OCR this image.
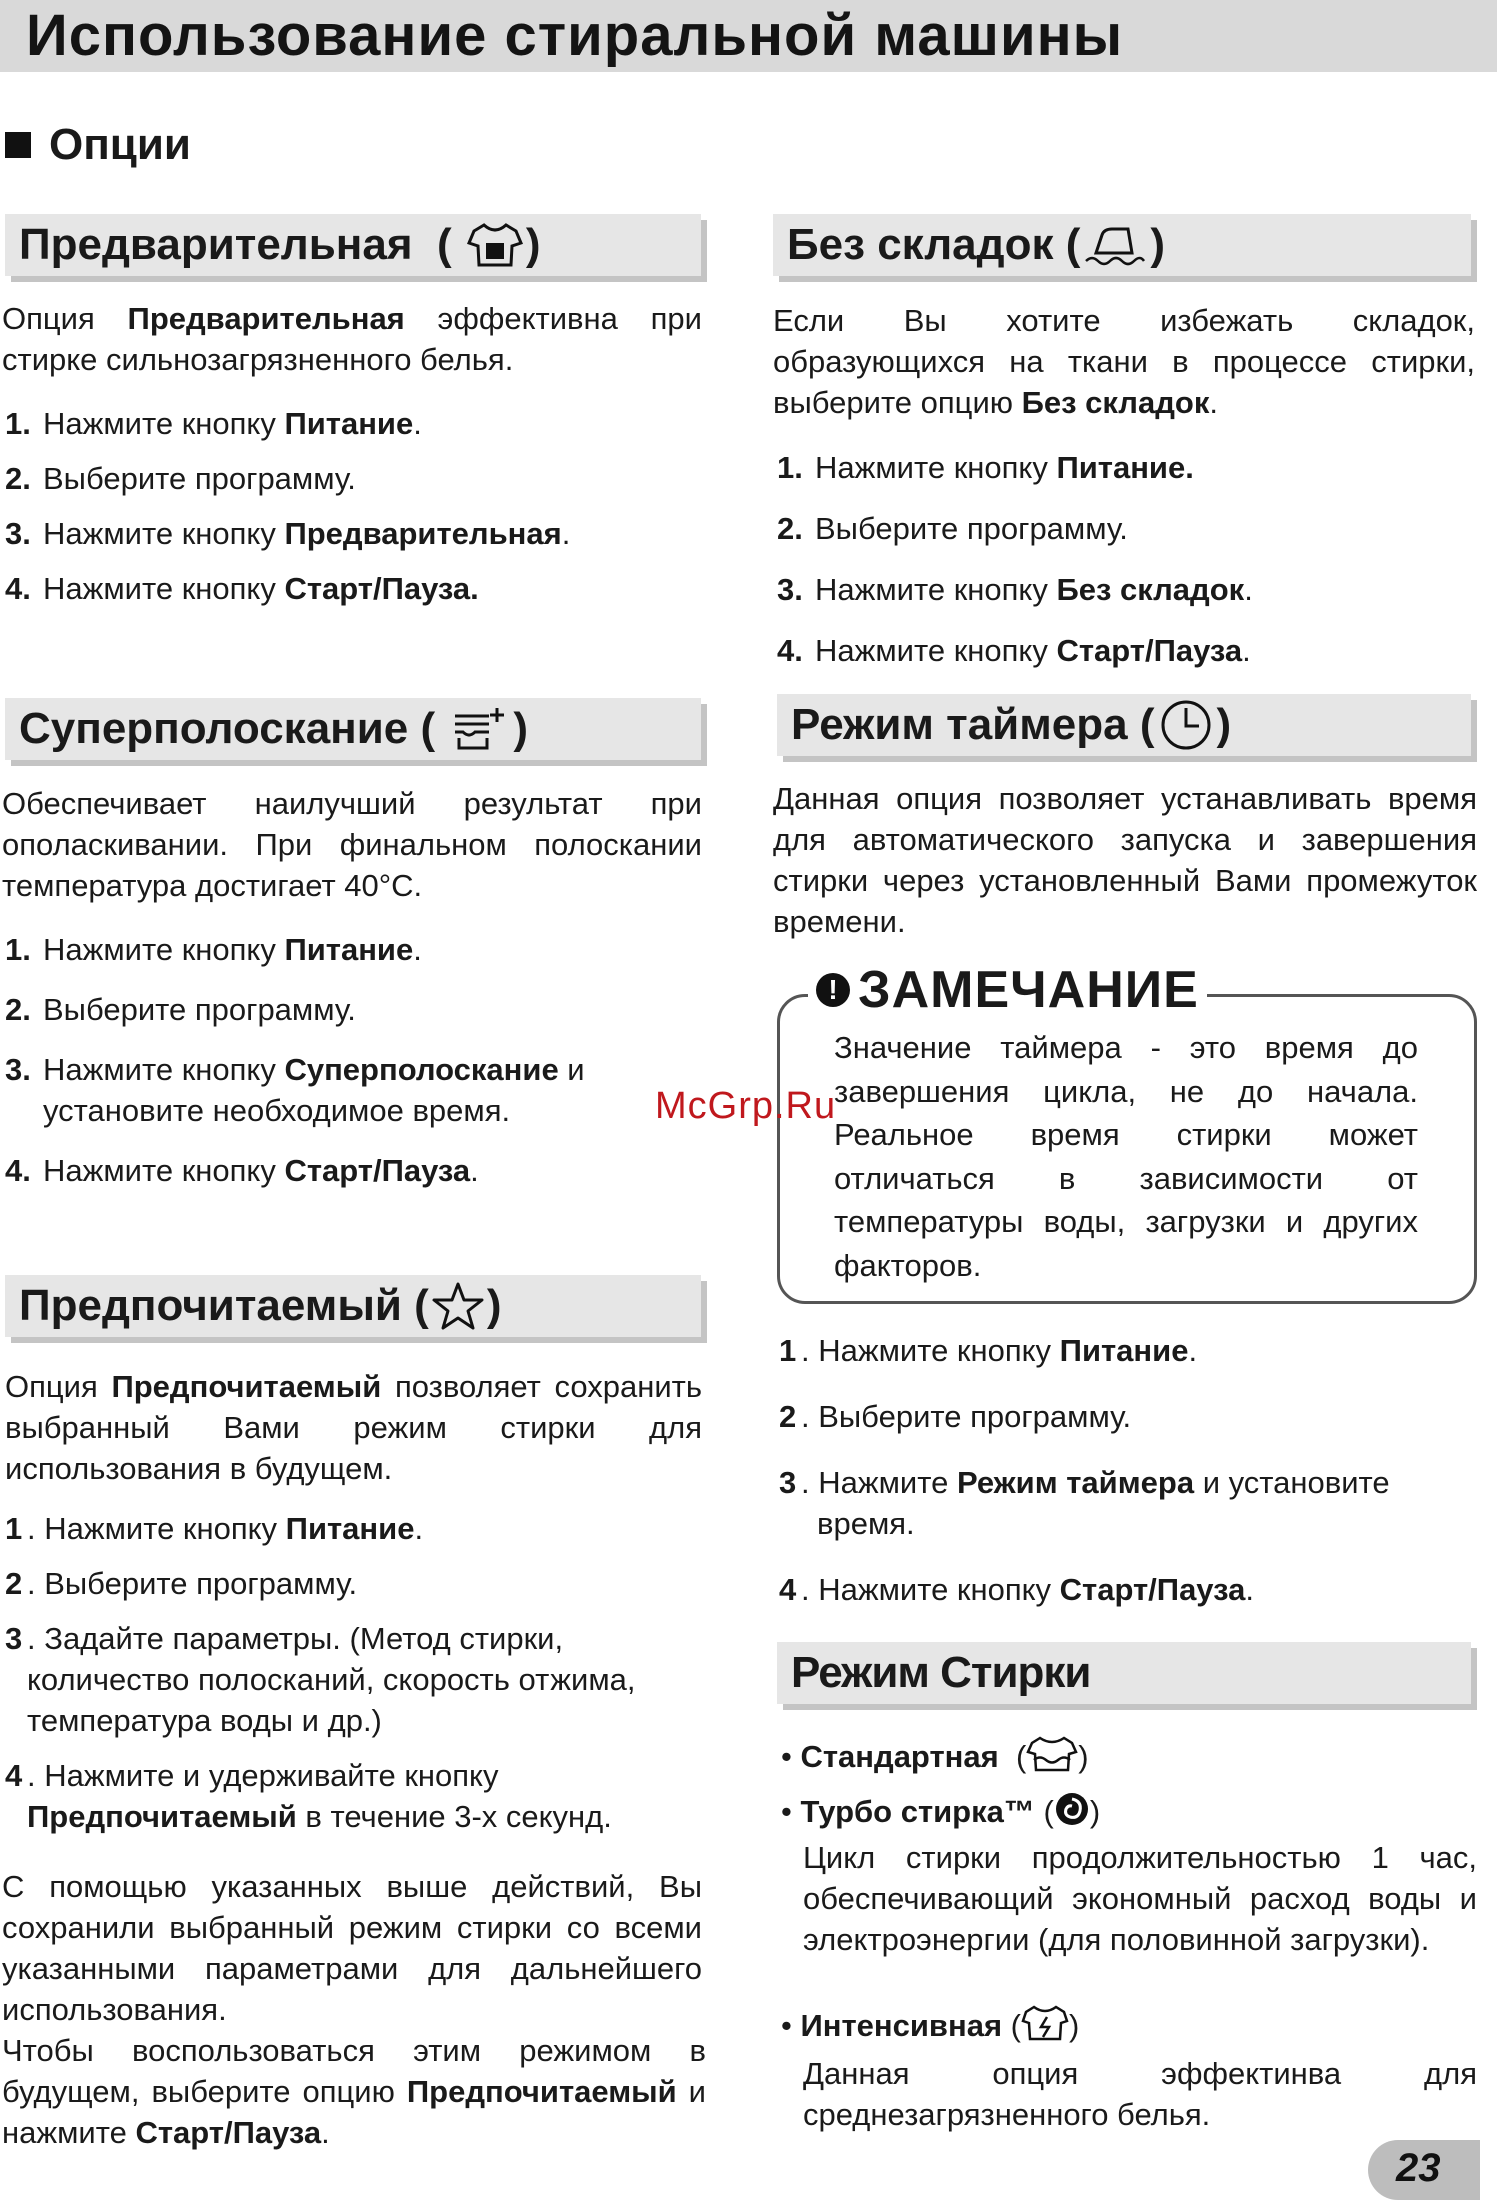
Использование стиральной машины
Опции
Предварительная (
)

Опция Предварительная эффективна при стирке сильнозагрязненного белья.

1. Нажмите кнопку Питание.
2. Выберите программу.
3. Нажмите кнопку Предварительная.
4. Нажмите кнопку Старт/Пауза.
Суперполоскание (
)

Обеспечивает наилучший результат при ополаскивании. При финальном полоскании температура достигает 40°C.

1. Нажмите кнопку Питание.
2. Выберите программу.
3. Нажмите кнопку Суперполоскание и установите необходимое время.
4. Нажмите кнопку Старт/Пауза.
Предпочитаемый ( )

Опция Предпочитаемый позволяет сохранить выбранный Вами режим стирки для использования в будущем.

1 . Нажмите кнопку Питание.
2 . Выберите программу.
3 . Задайте параметры. (Метод стирки, количество полосканий, скорость отжима, температура воды и др.)
4 . Нажмите и удерживайте кнопку Предпочитаемый в течение 3-х секунд.

С помощью указанных выше действий, Вы сохранили выбранный режим стирки со всеми указанными параметрами для дальнейшего использования.

Чтобы воспользоваться этим режимом в будущем, выберите опцию Предпочитаемый и нажмите Старт/Пауза.

Без складок ( )

Если Вы хотите избежать складок, образующихся на ткани в процессе стирки, выберите опцию Без складок.

1. Нажмите кнопку Питание.
2. Выберите программу.
3. Нажмите кнопку Без складок.
4. Нажмите кнопку Старт/Пауза.
Режим таймера ( )

Данная опция позволяет устанавливать время для автоматического запуска и завершения стирки через установленный Вами промежуток времени.

! ЗАМЕЧАНИЕ

Значение таймера - это время до завершения цикла, не до начала. Реальное время стирки может отличаться в зависимости от температуры воды, загрузки и других факторов.

1 . Нажмите кнопку Питание.
2 . Выберите программу.
3 . Нажмите Режим таймера и установите время.
4 . Нажмите кнопку Старт/Пауза.
Режим Стирки
• Стандартная ( )
• Турбо стирка™ ( )

Цикл стирки продолжительностью 1 час, обеспечивающий экономный расход воды и электроэнергии (для половинной загрузки).

• Интенсивная ( )

Данная опция эффектинва для среднезагрязненного белья.

McGrp.Ru
23
